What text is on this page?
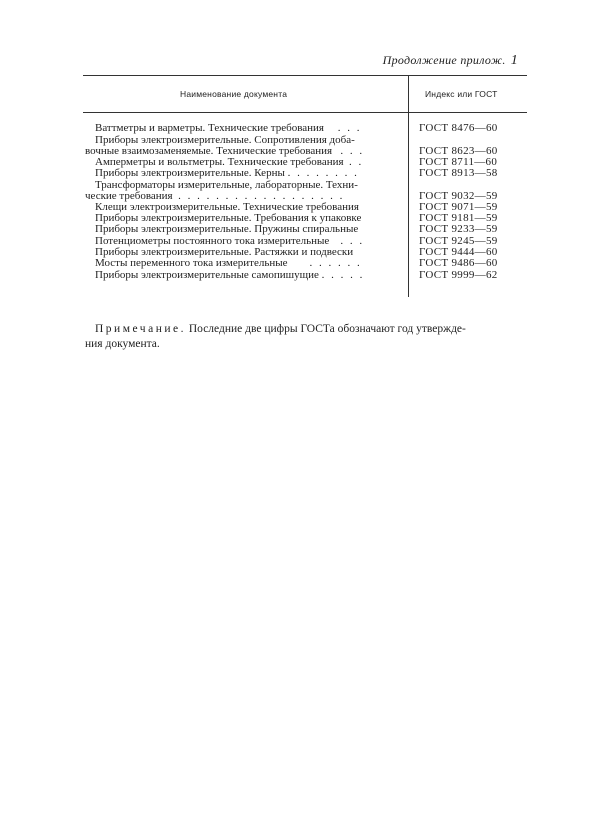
Продолжение прилож. 1
Наименование документа	Индекс или ГОСТ
Ваттметры и варметры. Технические требования . . .	ГОСТ 8476—60
Приборы электроизмерительные. Сопротивления доба-
вочные взаимозаменяемые. Технические требования . . .	ГОСТ 8623—60
Амперметры и вольтметры. Технические требования . .	ГОСТ 8711—60
Приборы электроизмерительные. Керны . . . . . . . .	ГОСТ 8913—58
Трансформаторы измерительные, лабораторные. Техни-
ческие требования . . . . . . . . . . . . . . . . . .	ГОСТ 9032—59
Клещи электроизмерительные. Технические требования	ГОСТ 9071—59
Приборы электроизмерительные. Требования к упаковке	ГОСТ 9181—59
Приборы электроизмерительные. Пружины спиральные	ГОСТ 9233—59
Потенциометры постоянного тока измерительные . . .	ГОСТ 9245—59
Приборы электроизмерительные. Растяжки и подвески	ГОСТ 9444—60
Мосты переменного тока измерительные . . . . . .	ГОСТ 9486—60
Приборы электроизмерительные самопишущие . . . . .	ГОСТ 9999—62
Примечание. Последние две цифры ГОСТа обозначают год утвержде-
ния документа.
